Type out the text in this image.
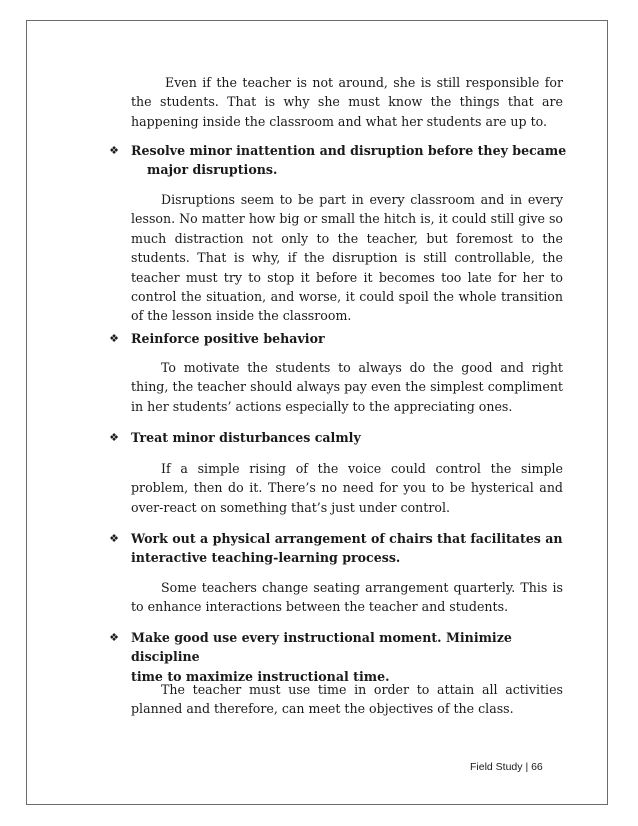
Even if the teacher is not around, she is still responsible for the students. That is why she must know the things that are happening inside the classroom and what her students are up to.

❖ Resolve minor inattention and disruption before they became
major disruptions.

Disruptions seem to be part in every classroom and in every lesson. No matter how big or small the hitch is, it could still give so much distraction not only to the teacher, but foremost to the students. That is why, if the disruption is still controllable, the teacher must try to stop it before it becomes too late for her to control the situation, and worse, it could spoil the whole transition of the lesson inside the classroom.

❖ Reinforce positive behavior

To motivate the students to always do the good and right thing, the teacher should always pay even the simplest compliment in her students’ actions especially to the appreciating ones.

❖ Treat minor disturbances calmly

If a simple rising of the voice could control the simple problem, then do it. There’s no need for you to be hysterical and over-react on something that’s just under control.

❖ Work out a physical arrangement of chairs that facilitates an
interactive teaching-learning process.

Some teachers change seating arrangement quarterly. This is to enhance interactions between the teacher and students.

❖ Make good use every instructional moment. Minimize discipline
time to maximize instructional time.

The teacher must use time in order to attain all activities planned and therefore, can meet the objectives of the class.

Field Study | 66
